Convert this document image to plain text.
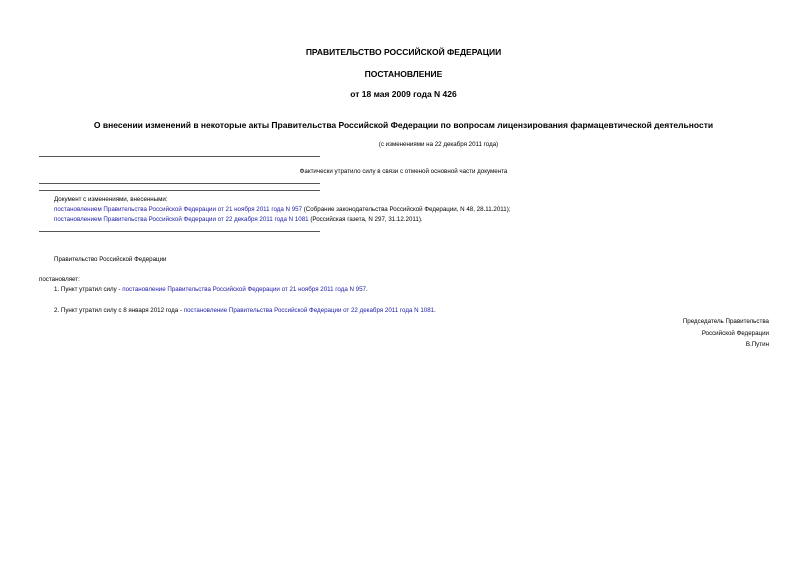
ПРАВИТЕЛЬСТВО РОССИЙСКОЙ ФЕДЕРАЦИИ
ПОСТАНОВЛЕНИЕ
от 18 мая 2009 года N 426
О внесении изменений в некоторые акты Правительства Российской Федерации по вопросам лицензирования фармацевтической деятельности
(с изменениями на 22 декабря 2011 года)
Фактически утратило силу в связи с отменой основной части документа
Документ с изменениями, внесенными:
постановлением Правительства Российской Федерации от 21 ноября 2011 года N 957 (Собрание законодательства Российской Федерации, N 48, 28.11.2011);
постановлением Правительства Российской Федерации от 22 декабря 2011 года N 1081 (Российская газета, N 297, 31.12.2011).
Правительство Российской Федерации
постановляет:
1. Пункт утратил силу - постановление Правительства Российской Федерации от 21 ноября 2011 года N 957.
2. Пункт утратил силу с 8 января 2012 года - постановление Правительства Российской Федерации от 22 декабря 2011 года N 1081.
Председатель Правительства
Российской Федерации
В.Путин
